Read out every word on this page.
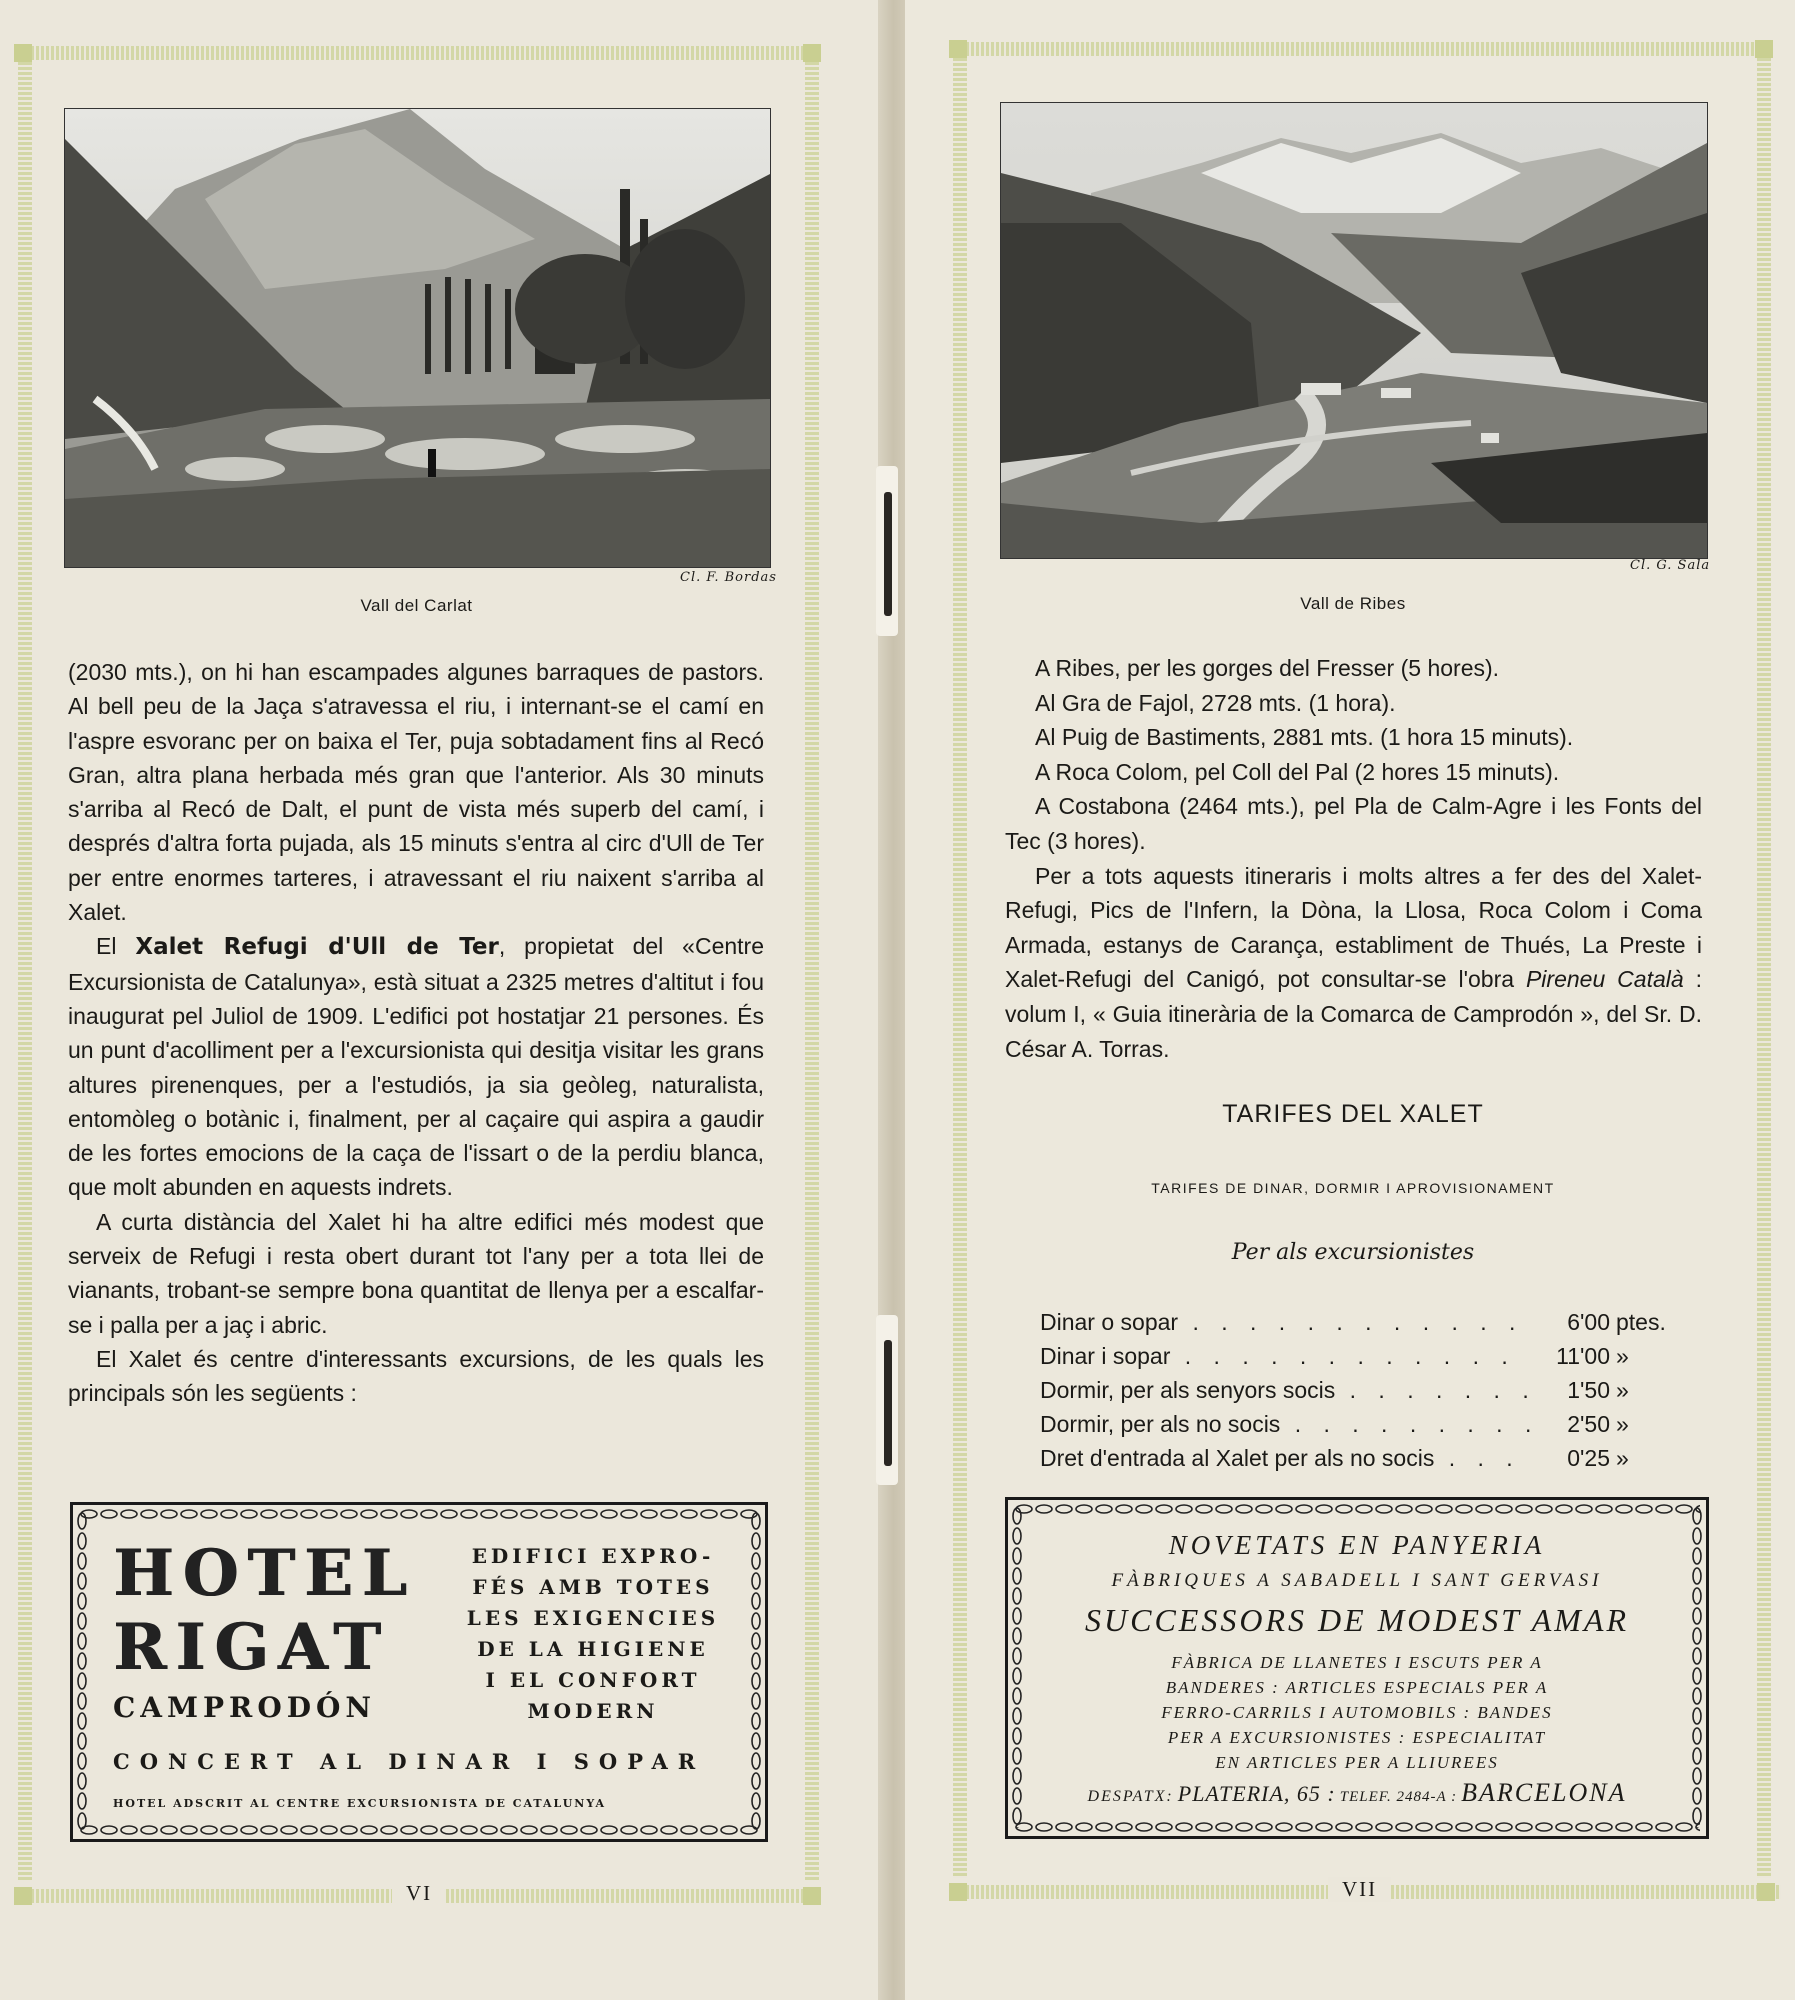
Cl. F. Bordas
Vall del Carlat

(2030 mts.), on hi han escampades algunes barraques de pastors. Al bell peu de la Jaça s'atravessa el riu, i internant-se el camí en l'aspre esvoranc per on baixa el Ter, puja sobtadament fins al Recó Gran, altra plana herbada més gran que l'anterior. Als 30 minuts s'arriba al Recó de Dalt, el punt de vista més superb del camí, i després d'altra forta pujada, als 15 minuts s'entra al circ d'Ull de Ter per entre enormes tarteres, i atravessant el riu naixent s'arriba al Xalet.

El Xalet Refugi d'Ull de Ter, propietat del «Centre Excursionista de Catalunya», està situat a 2325 metres d'altitut i fou inaugurat pel Juliol de 1909. L'edifici pot hostatjar 21 persones. És un punt d'acolliment per a l'excursionista qui desitja visitar les grans altures pirenenques, per a l'estudiós, ja sia geòleg, naturalista, entomòleg o botànic i, finalment, per al caçaire qui aspira a gaudir de les fortes emocions de la caça de l'issart o de la perdiu blanca, que molt abunden en aquests indrets.

A curta distància del Xalet hi ha altre edifici més modest que serveix de Refugi i resta obert durant tot l'any per a tota llei de vianants, trobant-se sempre bona quantitat de llenya per a escalfar-se i palla per a jaç i abric.

El Xalet és centre d'interessants excursions, de les quals les principals són les següents :

HOTEL
RIGAT
CAMPRODÓN
EDIFICI EXPRO-
FÉS AMB TOTES
LES EXIGENCIES
DE LA HIGIENE
I EL CONFORT
MODERN
CONCERT AL DINAR I SOPAR
HOTEL ADSCRIT AL CENTRE EXCURSIONISTA DE CATALUNYA
VI
Cl. G. Sala
Vall de Ribes

A Ribes, per les gorges del Fresser (5 hores).

Al Gra de Fajol, 2728 mts. (1 hora).

Al Puig de Bastiments, 2881 mts. (1 hora 15 minuts).

A Roca Colom, pel Coll del Pal (2 hores 15 minuts).

A Costabona (2464 mts.), pel Pla de Calm-Agre i les Fonts del Tec (3 hores).

Per a tots aquests itineraris i molts altres a fer des del Xalet-Refugi, Pics de l'Infern, la Dòna, la Llosa, Roca Colom i Coma Armada, estanys de Carança, establiment de Thués, La Preste i Xalet-Refugi del Canigó, pot consultar-se l'obra Pireneu Català : volum I, « Guia itinerària de la Comarca de Camprodón », del Sr. D. César A. Torras.

TARIFES DEL XALET
TARIFES DE DINAR, DORMIR I APROVISIONAMENT
Per als excursionistes
Dinar o sopar . . .	6'00 ptes.
Dinar i sopar . . .	11'00 »
Dormir, per als senyors socis . . .	1'50 »
Dormir, per als no socis . . .	2'50 »
Dret d'entrada al Xalet per als no socis . . .	0'25 »
NOVETATS EN PANYERIA
FÀBRIQUES A SABADELL I SANT GERVASI
SUCCESSORS DE MODEST AMAR
FÀBRICA DE LLANETES I ESCUTS PER A
BANDERES : ARTICLES ESPECIALS PER A
FERRO-CARRILS I AUTOMOBILS : BANDES
PER A EXCURSIONISTES : ESPECIALITAT
EN ARTICLES PER A LLIUREES
DESPATX: PLATERIA, 65 : TELEF. 2484-A : BARCELONA
VII
